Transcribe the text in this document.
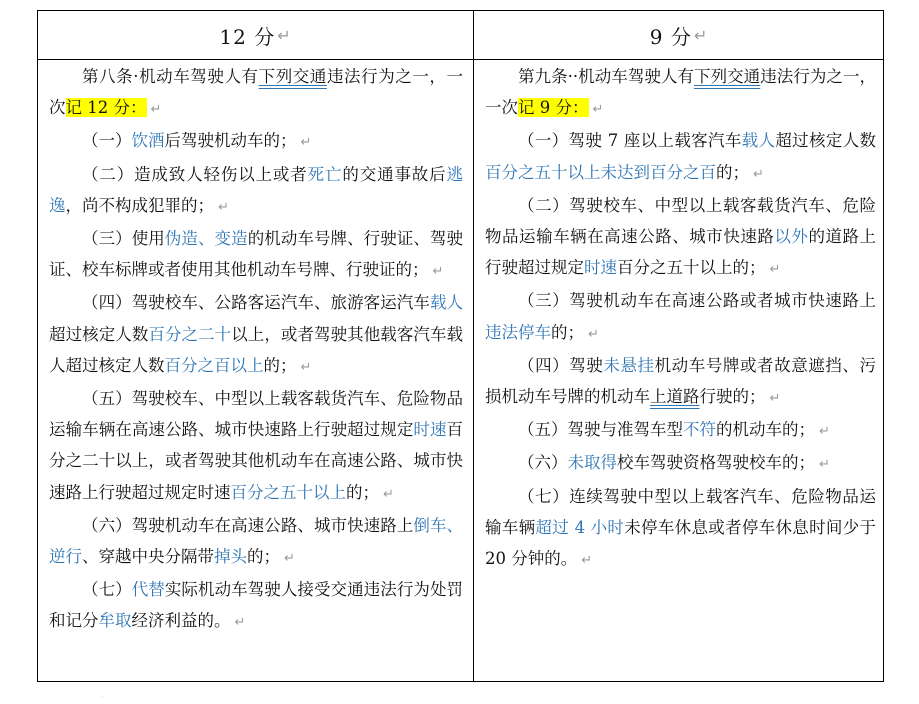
12 分 ↵	9 分 ↵

第八条·机动车驾驶人有下列交通违法行为之一，一次记 12 分： ↵

（一）饮酒后驾驶机动车的； ↵

（二）造成致人轻伤以上或者死亡的交通事故后逃逸，尚不构成犯罪的； ↵

（三）使用伪造、变造的机动车号牌、行驶证、驾驶证、校车标牌或者使用其他机动车号牌、行驶证的； ↵

（四）驾驶校车、公路客运汽车、旅游客运汽车载人超过核定人数百分之二十以上，或者驾驶其他载客汽车载人超过核定人数百分之百以上的； ↵

（五）驾驶校车、中型以上载客载货汽车、危险物品运输车辆在高速公路、城市快速路上行驶超过规定时速百分之二十以上，或者驾驶其他机动车在高速公路、城市快速路上行驶超过规定时速百分之五十以上的； ↵

（六）驾驶机动车在高速公路、城市快速路上倒车、逆行、穿越中央分隔带掉头的； ↵

（七）代替实际机动车驾驶人接受交通违法行为处罚和记分牟取经济利益的。 ↵

第九条··机动车驾驶人有下列交通违法行为之一，一次记 9 分： ↵

（一）驾驶 7 座以上载客汽车载人超过核定人数百分之五十以上未达到百分之百的； ↵

（二）驾驶校车、中型以上载客载货汽车、危险物品运输车辆在高速公路、城市快速路以外的道路上行驶超过规定时速百分之五十以上的； ↵

（三）驾驶机动车在高速公路或者城市快速路上违法停车的； ↵

（四）驾驶未悬挂机动车号牌或者故意遮挡、污损机动车号牌的机动车上道路行驶的； ↵

（五）驾驶与准驾车型不符的机动车的； ↵

（六）未取得校车驾驶资格驾驶校车的； ↵

（七）连续驾驶中型以上载客汽车、危险物品运输车辆超过 4 小时未停车休息或者停车休息时间少于 20 分钟的。 ↵

·
